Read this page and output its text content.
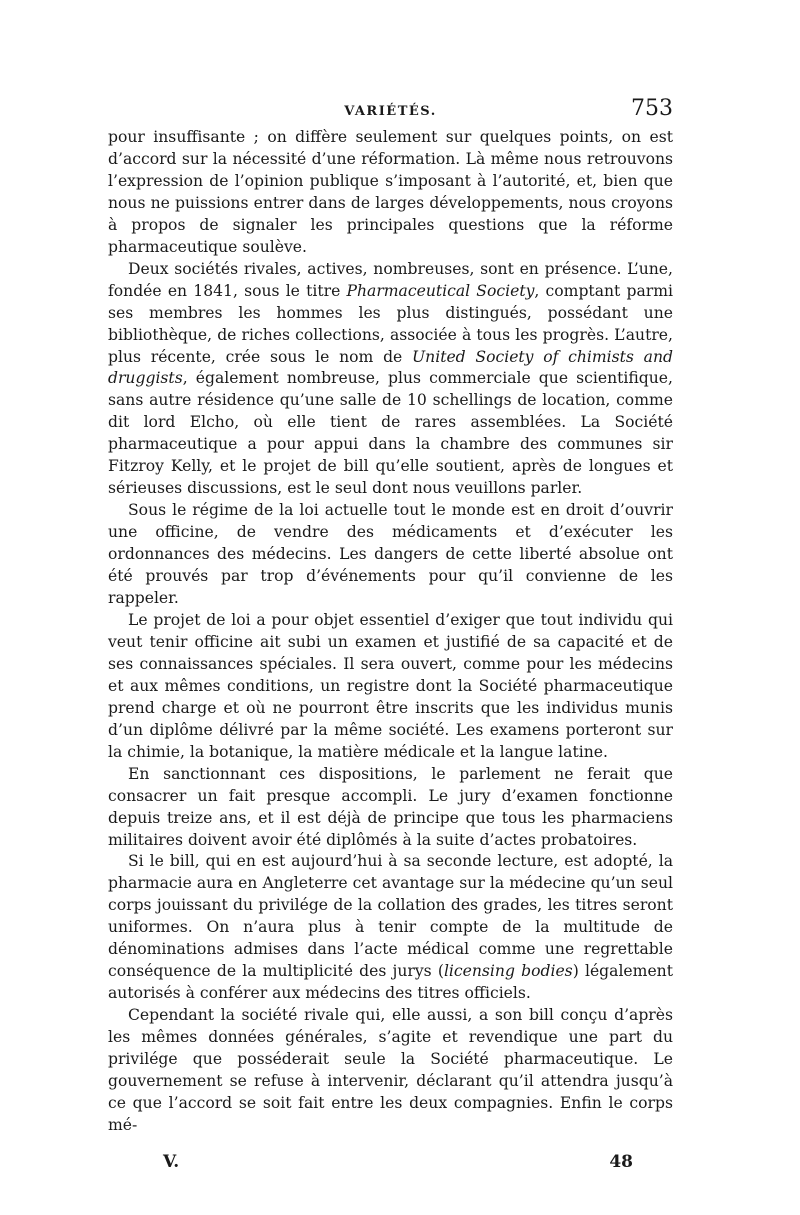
VARIÉTÉS.	753

pour insuffisante ; on diffère seulement sur quelques points, on est d’accord sur la nécessité d’une réformation. Là même nous retrouvons l’expression de l’opinion publique s’imposant à l’autorité, et, bien que nous ne puissions entrer dans de larges développements, nous croyons à propos de signaler les principales questions que la réforme pharmaceutique soulève.

Deux sociétés rivales, actives, nombreuses, sont en présence. L’une, fondée en 1841, sous le titre Pharmaceutical Society, comptant parmi ses membres les hommes les plus distingués, possédant une bibliothèque, de riches collections, associée à tous les progrès. L’autre, plus récente, crée sous le nom de United Society of chimists and druggists, également nombreuse, plus commerciale que scientifique, sans autre résidence qu’une salle de 10 schellings de location, comme dit lord Elcho, où elle tient de rares assemblées. La Société pharmaceutique a pour appui dans la chambre des communes sir Fitzroy Kelly, et le projet de bill qu’elle soutient, après de longues et sérieuses discussions, est le seul dont nous veuillons parler.

Sous le régime de la loi actuelle tout le monde est en droit d’ouvrir une officine, de vendre des médicaments et d’exécuter les ordonnances des médecins. Les dangers de cette liberté absolue ont été prouvés par trop d’événements pour qu’il convienne de les rappeler.

Le projet de loi a pour objet essentiel d’exiger que tout individu qui veut tenir officine ait subi un examen et justifié de sa capacité et de ses connaissances spéciales. Il sera ouvert, comme pour les médecins et aux mêmes conditions, un registre dont la Société pharmaceutique prend charge et où ne pourront être inscrits que les individus munis d’un diplôme délivré par la même société. Les examens porteront sur la chimie, la botanique, la matière médicale et la langue latine.

En sanctionnant ces dispositions, le parlement ne ferait que consacrer un fait presque accompli. Le jury d’examen fonctionne depuis treize ans, et il est déjà de principe que tous les pharmaciens militaires doivent avoir été diplômés à la suite d’actes probatoires.

Si le bill, qui en est aujourd’hui à sa seconde lecture, est adopté, la pharmacie aura en Angleterre cet avantage sur la médecine qu’un seul corps jouissant du privilége de la collation des grades, les titres seront uniformes. On n’aura plus à tenir compte de la multitude de dénominations admises dans l’acte médical comme une regrettable conséquence de la multiplicité des jurys (licensing bodies) légalement autorisés à conférer aux médecins des titres officiels.

Cependant la société rivale qui, elle aussi, a son bill conçu d’après les mêmes données générales, s’agite et revendique une part du privilége que posséderait seule la Société pharmaceutique. Le gouvernement se refuse à intervenir, déclarant qu’il attendra jusqu’à ce que l’accord se soit fait entre les deux compagnies. Enfin le corps mé-

V.	48
